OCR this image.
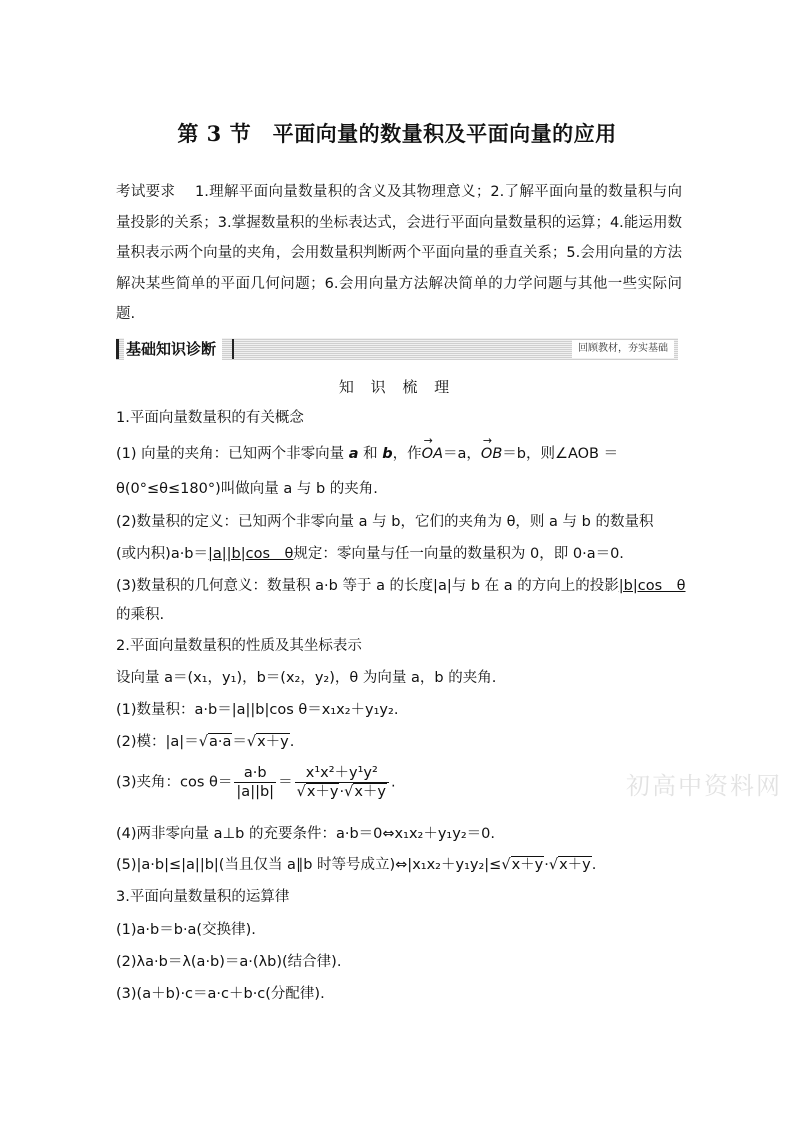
第 3 节　平面向量的数量积及平面向量的应用
考试要求　 1.理解平面向量数量积的含义及其物理意义；2.了解平面向量的数量积与向量投影的关系；3.掌握数量积的坐标表达式，会进行平面向量数量积的运算；4.能运用数量积表示两个向量的夹角，会用数量积判断两个平面向量的垂直关系；5.会用向量的方法解决某些简单的平面几何问题；6.会用向量方法解决简单的力学问题与其他一些实际问题.
基础知识诊断	回顾教材，夯实基础
知 识 梳 理
1.平面向量数量积的有关概念
(1) 向量的夹角：已知两个非零向量 a 和 b，作→ OA＝a，→ OB＝b，则∠AOB ＝
θ(0°≤θ≤180°)叫做向量 a 与 b 的夹角.
(2)数量积的定义：已知两个非零向量 a 与 b，它们的夹角为 θ，则 a 与 b 的数量积
(或内积)a·b＝|a||b|cos　θ规定：零向量与任一向量的数量积为 0，即 0·a＝0.
(3)数量积的几何意义：数量积 a·b 等于 a 的长度|a|与 b 在 a 的方向上的投影|b|cos　θ
的乘积.
2.平面向量数量积的性质及其坐标表示
设向量 a＝(x₁，y₁)，b＝(x₂，y₂)，θ 为向量 a，b 的夹角.
(1)数量积：a·b＝|a||b|cos θ＝x₁x₂＋y₁y₂.
(2)模：|a|＝√a·a＝√x＋y.
(3)夹角：$\cos \theta= \frac{a\cdot b}{|a||b|} = \frac{\text{x¹x²＋y¹y²}}{√x+y\cdot√x+y}$ .
(4)两非零向量 a⊥b 的充要条件：a·b＝0⇔x₁x₂＋y₁y₂＝0.
(5)|a·b|≤|a||b|(当且仅当 a∥b 时等号成立)⇔|x₁x₂＋y₁y₂|≤√x＋y·√x＋y.
3.平面向量数量积的运算律
(1)a·b＝b·a(交换律).
(2)λa·b＝λ(a·b)＝a·(λb)(结合律).
(3)(a＋b)·c＝a·c＋b·c(分配律).
初高中资料网
